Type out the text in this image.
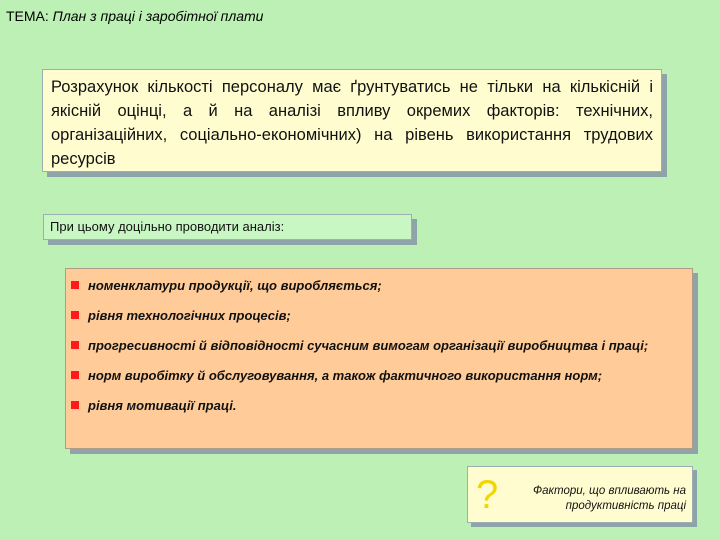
ТЕМА: План з праці і заробітної плати
Розрахунок кількості персоналу має ґрунтуватись не тільки на кількісній і якісній оцінці, а й на аналізі впливу окремих факторів: технічних, організаційних, соціально-економічних) на рівень використання трудових ресурсів
При цьому доцільно проводити аналіз:
номенклатури продукції, що виробляється;
рівня технологічних процесів;
прогресивності й відповідності сучасним вимогам організації виробництва і праці;
норм виробітку й обслуговування, а також фактичного використання норм;
рівня мотивації праці.
?	Фактори, що впливають на продуктивність праці
